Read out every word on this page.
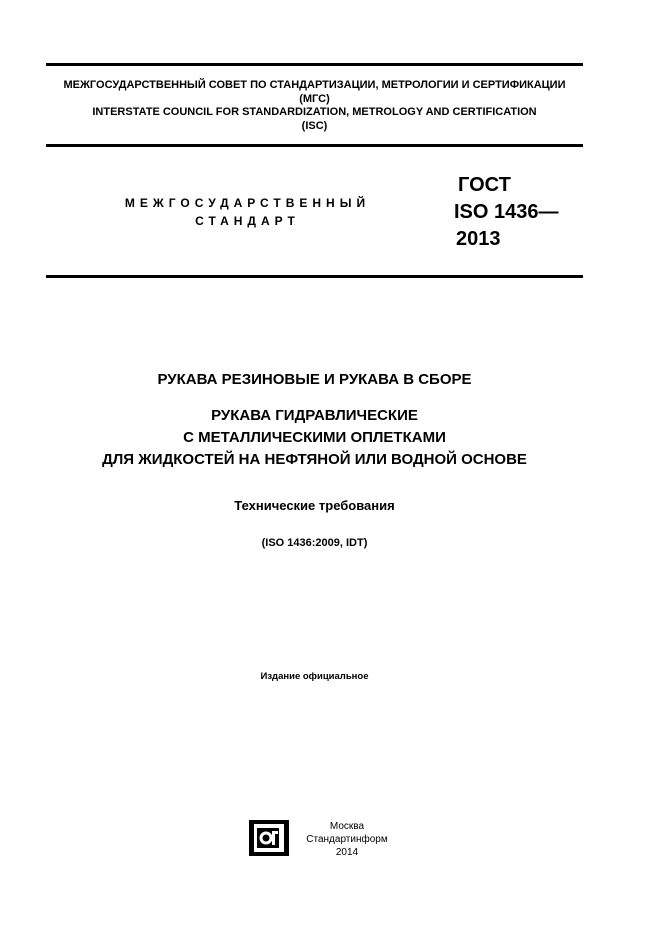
МЕЖГОСУДАРСТВЕННЫЙ СОВЕТ ПО СТАНДАРТИЗАЦИИ, МЕТРОЛОГИИ И СЕРТИФИКАЦИИ
(МГС)
INTERSTATE COUNCIL FOR STANDARDIZATION, METROLOGY AND CERTIFICATION
(ISC)
МЕЖГОСУДАРСТВЕННЫЙ
СТАНДАРТ
ГОСТ
ISO 1436—
2013
РУКАВА РЕЗИНОВЫЕ И РУКАВА В СБОРЕ
РУКАВА ГИДРАВЛИЧЕСКИЕ
С МЕТАЛЛИЧЕСКИМИ ОПЛЕТКАМИ
ДЛЯ ЖИДКОСТЕЙ НА НЕФТЯНОЙ ИЛИ ВОДНОЙ ОСНОВЕ
Технические требования
(ISO 1436:2009, IDT)
Издание официальное
Москва
Стандартинформ
2014
